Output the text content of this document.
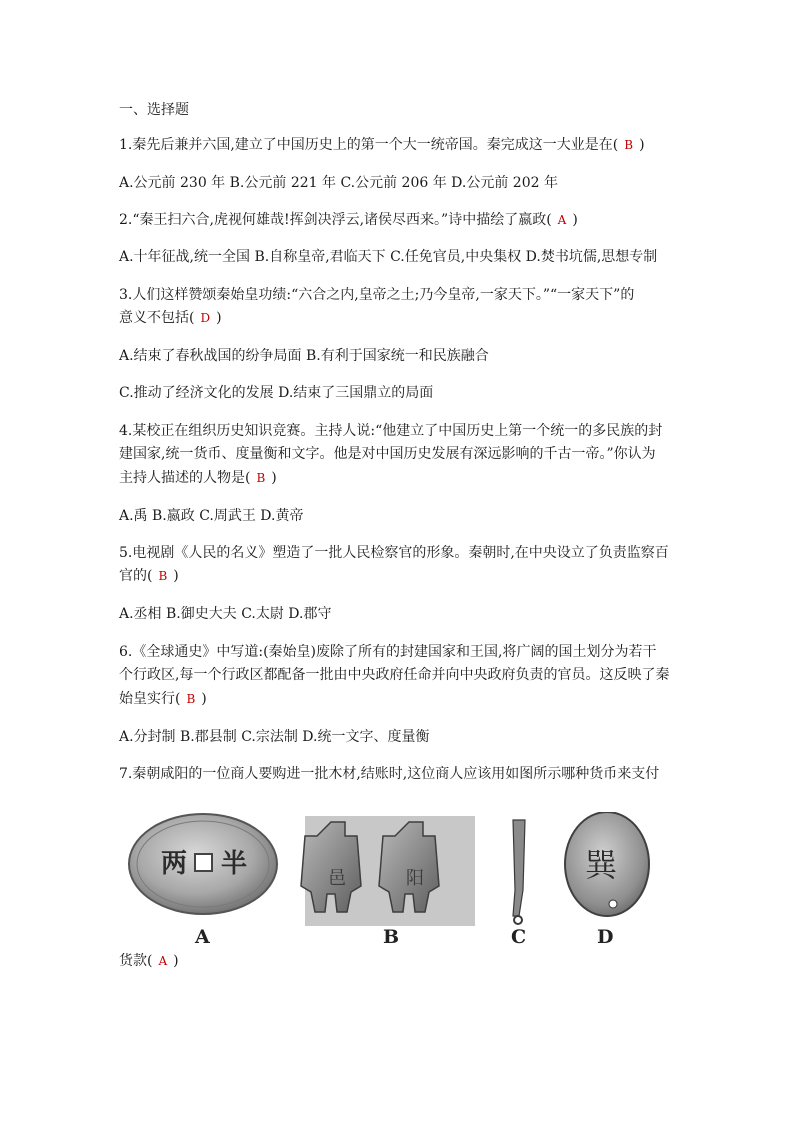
一、选择题
1.秦先后兼并六国,建立了中国历史上的第一个大一统帝国。秦完成这一大业是在( B )
A.公元前 230 年 B.公元前 221 年 C.公元前 206 年 D.公元前 202 年
2.“秦王扫六合,虎视何雄哉!挥剑决浮云,诸侯尽西来。”诗中描绘了嬴政( A )
A.十年征战,统一全国 B.自称皇帝,君临天下 C.任免官员,中央集权 D.焚书坑儒,思想专制
3.人们这样赞颂秦始皇功绩:“六合之内,皇帝之土;乃今皇帝,一家天下。”“一家天下”的
意义不包括( D )
A.结束了春秋战国的纷争局面 B.有利于国家统一和民族融合
C.推动了经济文化的发展 D.结束了三国鼎立的局面
4.某校正在组织历史知识竞赛。主持人说:“他建立了中国历史上第一个统一的多民族的封
建国家,统一货币、度量衡和文字。他是对中国历史发展有深远影响的千古一帝。”你认为
主持人描述的人物是( B )
A.禹 B.嬴政 C.周武王 D.黄帝
5.电视剧《人民的名义》塑造了一批人民检察官的形象。秦朝时,在中央设立了负责监察百
官的( B )
A.丞相 B.御史大夫 C.太尉 D.郡守
6.《全球通史》中写道:(秦始皇)废除了所有的封建国家和王国,将广阔的国土划分为若干
个行政区,每一个行政区都配备一批由中央政府任命并向中央政府负责的官员。这反映了秦
始皇实行( B )
A.分封制 B.郡县制 C.宗法制 D.统一文字、度量衡
7.秦朝咸阳的一位商人要购进一批木材,结账时,这位商人应该用如图所示哪种货币来支付
两 半	邑	阳	巽
A	B	C	D
货款( A )
